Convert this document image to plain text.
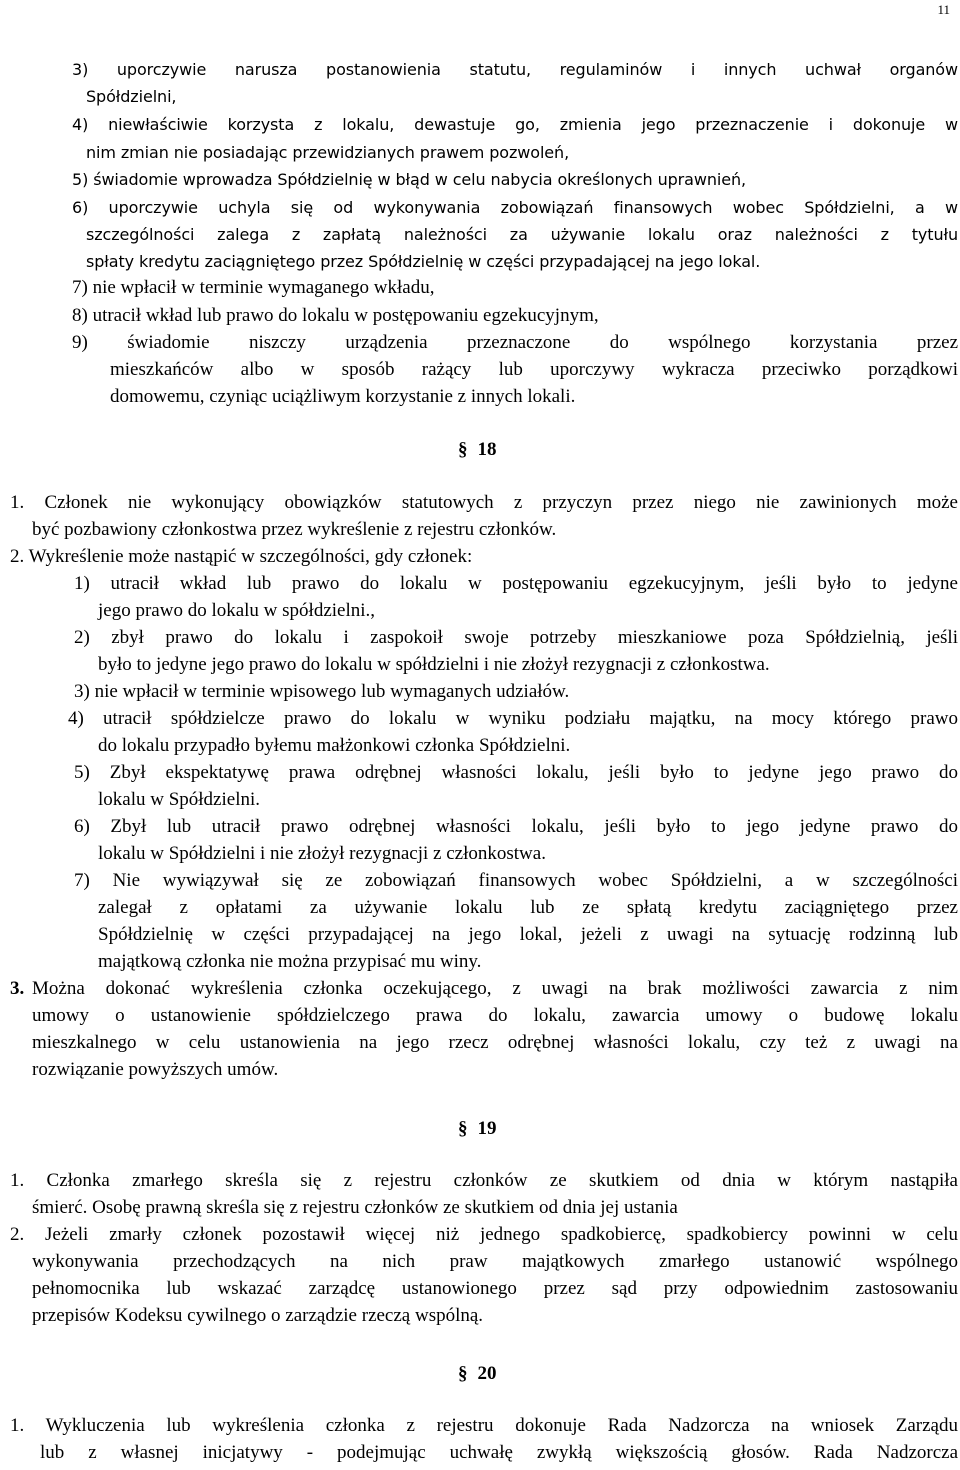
11
3) uporczywie narusza postanowienia statutu, regulaminów i innych uchwał organów
Spółdzielni,
4) niewłaściwie korzysta z lokalu, dewastuje go, zmienia jego przeznaczenie i dokonuje w
nim zmian nie posiadając przewidzianych prawem pozwoleń,
5) świadomie wprowadza Spółdzielnię w błąd w celu nabycia określonych uprawnień,
6) uporczywie uchyla się od wykonywania zobowiązań finansowych wobec Spółdzielni, a w
szczególności zalega z zapłatą należności za używanie lokalu oraz należności z tytułu
spłaty kredytu zaciągniętego przez Spółdzielnię w części przypadającej na jego lokal.
7) nie wpłacił w terminie wymaganego wkładu,
8) utracił wkład lub prawo do lokalu w postępowaniu egzekucyjnym,
9) świadomie niszczy urządzenia przeznaczone do wspólnego korzystania przez
mieszkańców albo w sposób rażący lub uporczywy wykracza przeciwko porządkowi
domowemu, czyniąc uciążliwym korzystanie z innych lokali.
§ 18
1. Członek nie wykonujący obowiązków statutowych z przyczyn przez niego nie zawinionych może
być pozbawiony członkostwa przez wykreślenie z rejestru członków.
2. Wykreślenie może nastąpić w szczególności, gdy członek:
1) utracił wkład lub prawo do lokalu w postępowaniu egzekucyjnym, jeśli było to jedyne
jego prawo do lokalu w spółdzielni.,
2) zbył prawo do lokalu i zaspokoił swoje potrzeby mieszkaniowe poza Spółdzielnią, jeśli
było to jedyne jego prawo do lokalu w spółdzielni i nie złożył rezygnacji z członkostwa.
3) nie wpłacił w terminie wpisowego lub wymaganych udziałów.
4) utracił spółdzielcze prawo do lokalu w wyniku podziału majątku, na mocy którego prawo
do lokalu przypadło byłemu małżonkowi członka Spółdzielni.
5) Zbył ekspektatywę prawa odrębnej własności lokalu, jeśli było to jedyne jego prawo do
lokalu w Spółdzielni.
6) Zbył lub utracił prawo odrębnej własności lokalu, jeśli było to jego jedyne prawo do
lokalu w Spółdzielni i nie złożył rezygnacji z członkostwa.
7) Nie wywiązywał się ze zobowiązań finansowych wobec Spółdzielni, a w szczególności
zalegał z opłatami za używanie lokalu lub ze spłatą kredytu zaciągniętego przez
Spółdzielnię w części przypadającej na jego lokal, jeżeli z uwagi na sytuację rodzinną lub
majątkową członka nie można przypisać mu winy.
3. Można dokonać wykreślenia członka oczekującego, z uwagi na brak możliwości zawarcia z nim
umowy o ustanowienie spółdzielczego prawa do lokalu, zawarcia umowy o budowę lokalu
mieszkalnego w celu ustanowienia na jego rzecz odrębnej własności lokalu, czy też z uwagi na
rozwiązanie powyższych umów.
§ 19
1. Członka zmarłego skreśla się z rejestru członków ze skutkiem od dnia w którym nastąpiła
śmierć. Osobę prawną skreśla się z rejestru członków ze skutkiem od dnia jej ustania
2. Jeżeli zmarły członek pozostawił więcej niż jednego spadkobiercę, spadkobiercy powinni w celu
wykonywania przechodzących na nich praw majątkowych zmarłego ustanowić wspólnego
pełnomocnika lub wskazać zarządcę ustanowionego przez sąd przy odpowiednim zastosowaniu
przepisów Kodeksu cywilnego o zarządzie rzeczą wspólną.
§ 20
1. Wykluczenia lub wykreślenia członka z rejestru dokonuje Rada Nadzorcza na wniosek Zarządu
lub z własnej inicjatywy - podejmując uchwałę zwykłą większością głosów. Rada Nadzorcza
